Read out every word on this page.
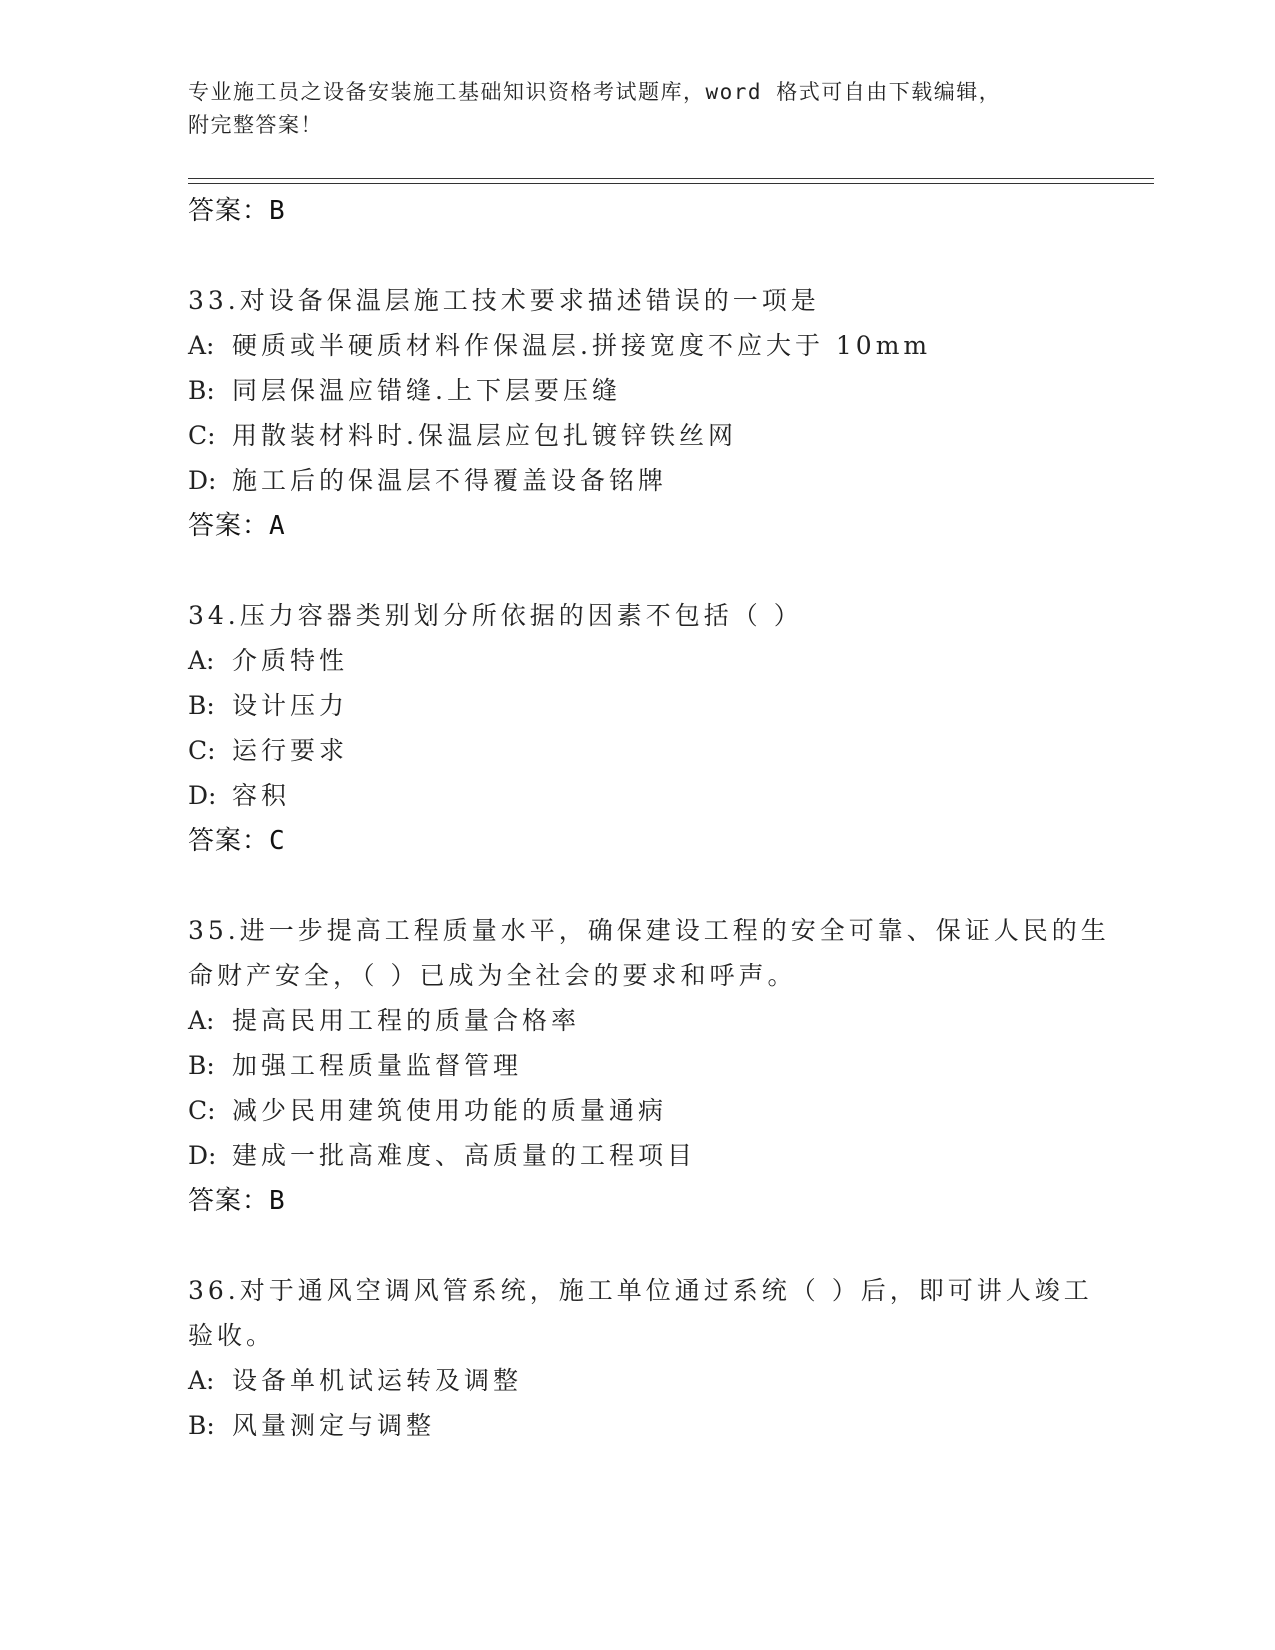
专业施工员之设备安装施工基础知识资格考试题库，word 格式可自由下载编辑，
附完整答案！
答案：B

33.对设备保温层施工技术要求描述错误的一项是

A: 硬质或半硬质材料作保温层.拼接宽度不应大于 10mm
B: 同层保温应错缝.上下层要压缝
C: 用散装材料时.保温层应包扎镀锌铁丝网
D: 施工后的保温层不得覆盖设备铭牌
答案：A

34.压力容器类别划分所依据的因素不包括（ ）

A: 介质特性
B: 设计压力
C: 运行要求
D: 容积
答案：C

35.进一步提高工程质量水平，确保建设工程的安全可靠、保证人民的生命财产安全，（ ）已成为全社会的要求和呼声。

A: 提高民用工程的质量合格率
B: 加强工程质量监督管理
C: 减少民用建筑使用功能的质量通病
D: 建成一批高难度、高质量的工程项目
答案：B

36.对于通风空调风管系统，施工单位通过系统（ ）后，即可讲人竣工验收。

A: 设备单机试运转及调整
B: 风量测定与调整
